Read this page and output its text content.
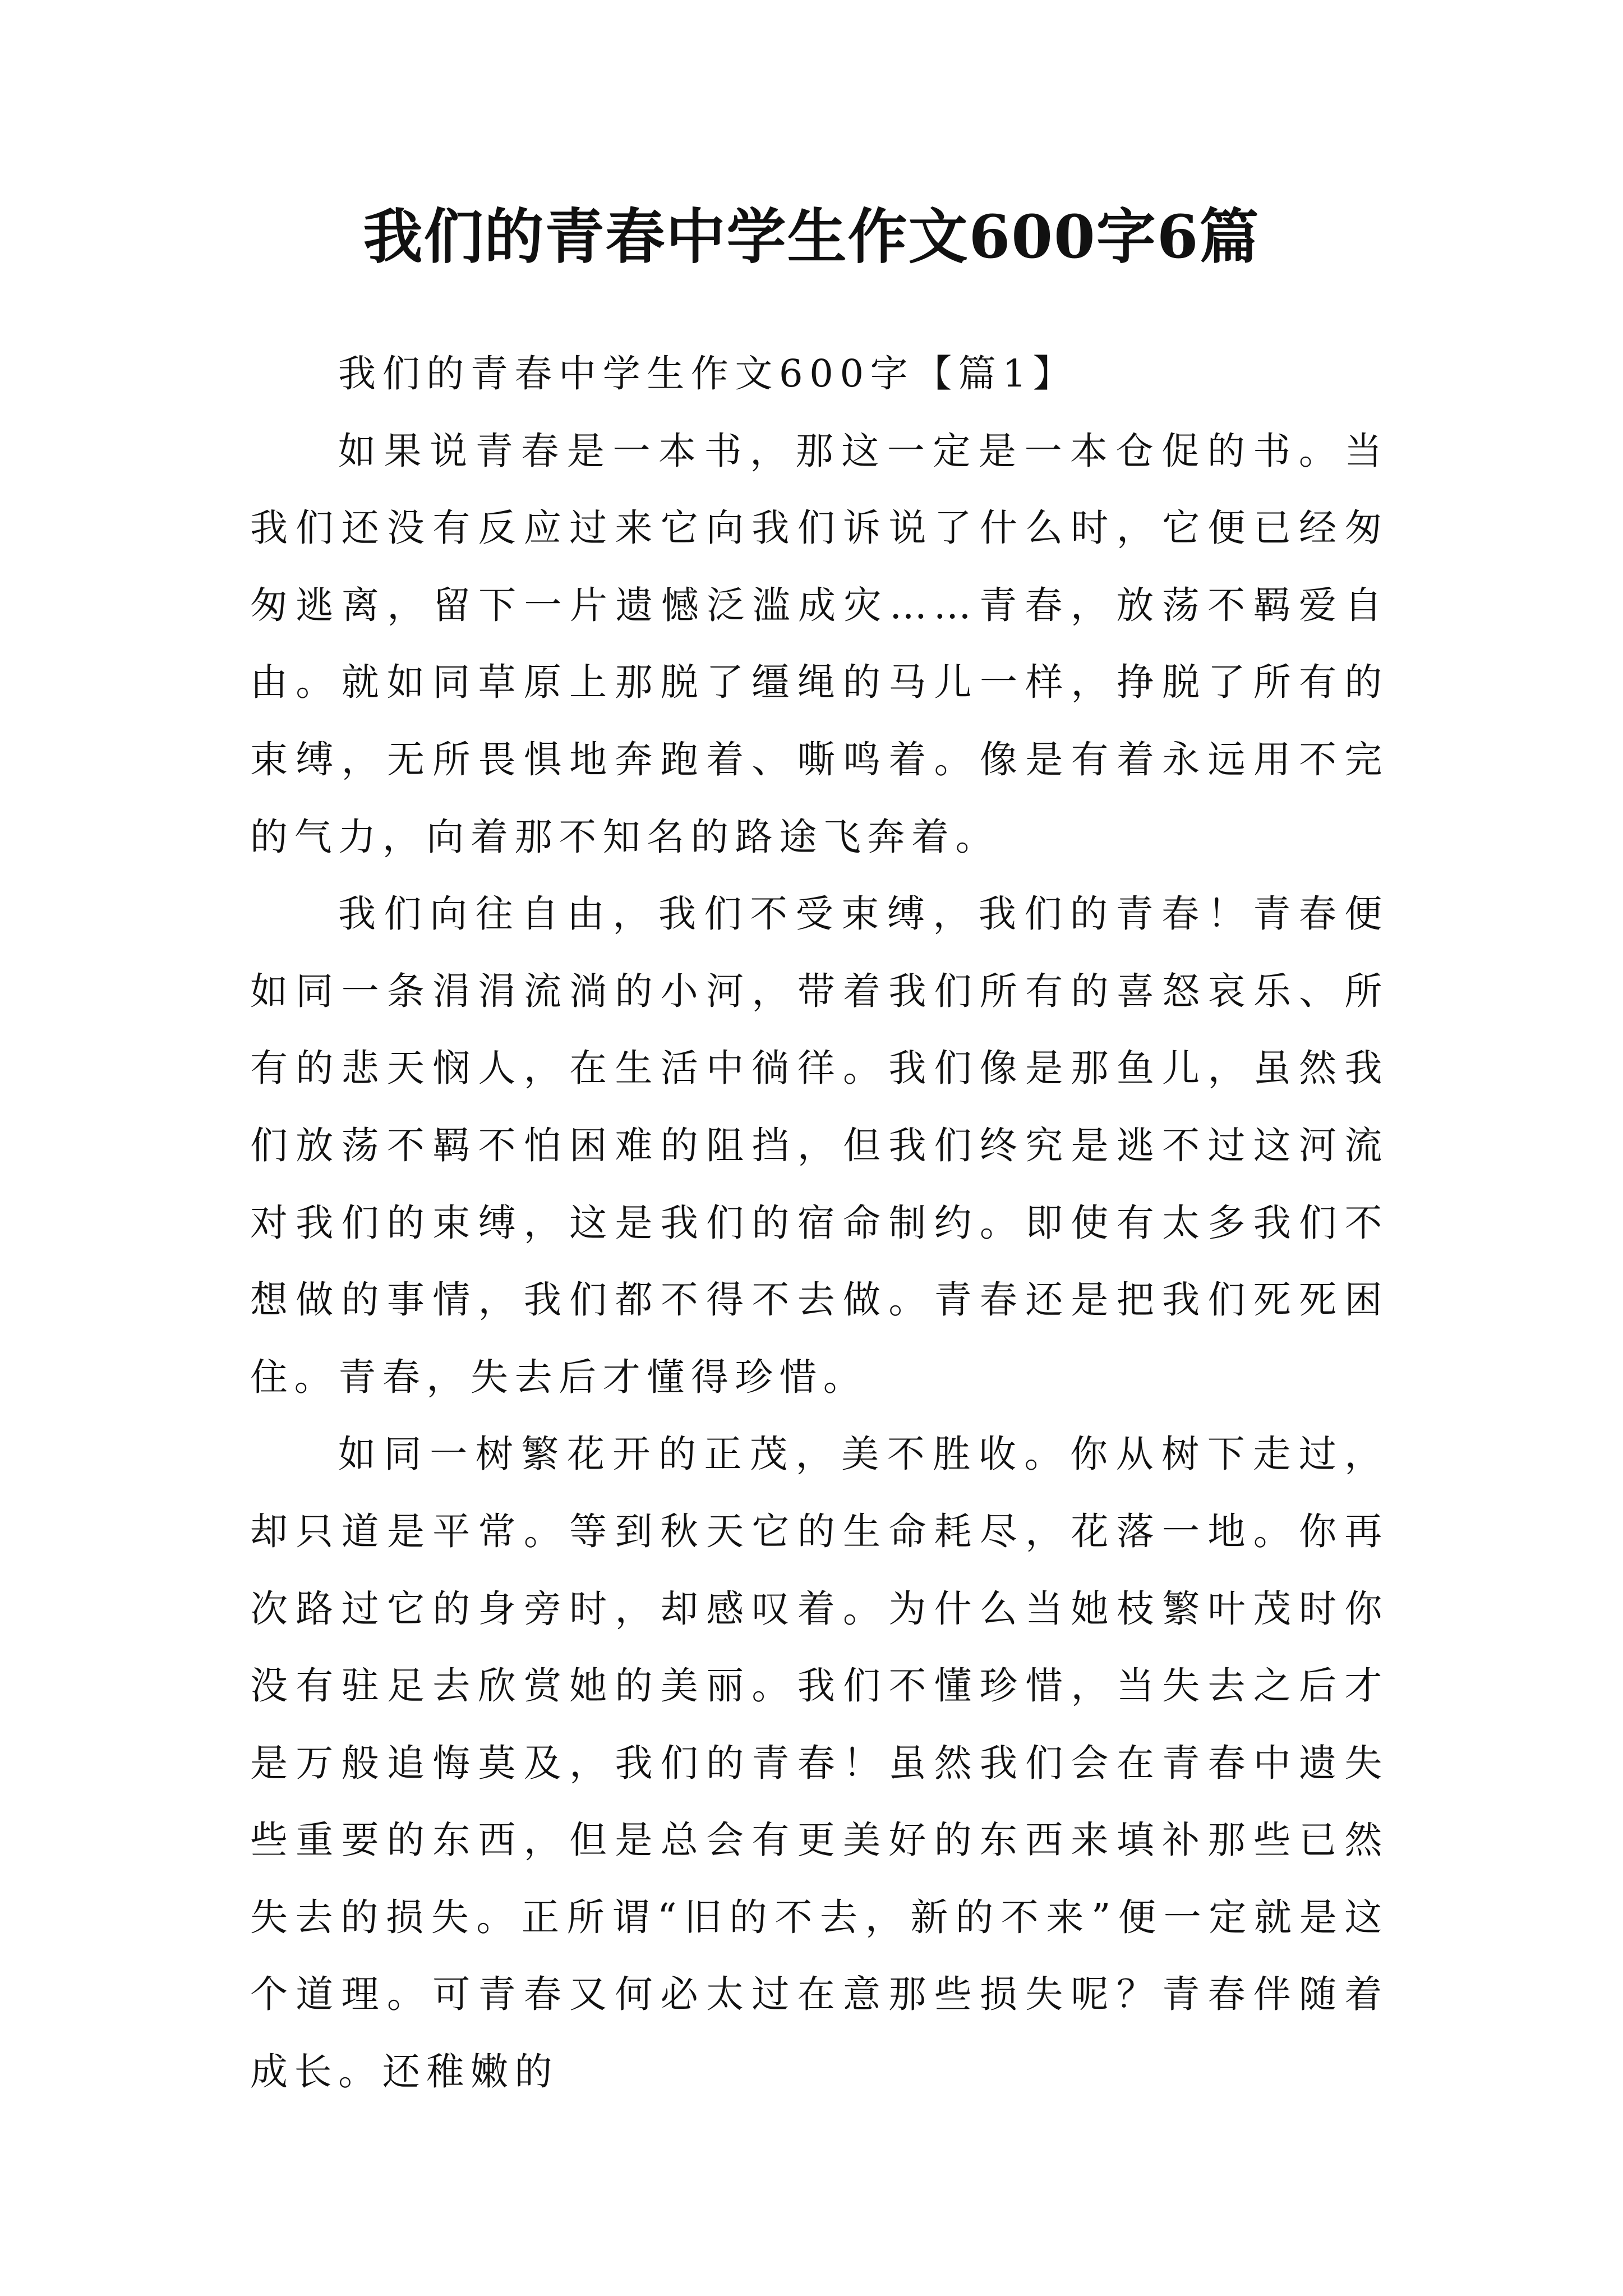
我们的青春中学生作文600字6篇

我们的青春中学生作文600字【篇1】

如果说青春是一本书，那这一定是一本仓促的书。当我们还没有反应过来它向我们诉说了什么时，它便已经匆匆逃离，留下一片遗憾泛滥成灾……青春，放荡不羁爱自由。就如同草原上那脱了缰绳的马儿一样，挣脱了所有的束缚，无所畏惧地奔跑着、嘶鸣着。像是有着永远用不完的气力，向着那不知名的路途飞奔着。

我们向往自由，我们不受束缚，我们的青春！青春便如同一条涓涓流淌的小河，带着我们所有的喜怒哀乐、所有的悲天悯人，在生活中徜徉。我们像是那鱼儿，虽然我们放荡不羁不怕困难的阻挡，但我们终究是逃不过这河流对我们的束缚，这是我们的宿命制约。即使有太多我们不想做的事情，我们都不得不去做。青春还是把我们死死困住。青春，失去后才懂得珍惜。

如同一树繁花开的正茂，美不胜收。你从树下走过，却只道是平常。等到秋天它的生命耗尽，花落一地。你再次路过它的身旁时，却感叹着。为什么当她枝繁叶茂时你没有驻足去欣赏她的美丽。我们不懂珍惜，当失去之后才是万般追悔莫及，我们的青春！虽然我们会在青春中遗失些重要的东西，但是总会有更美好的东西来填补那些已然失去的损失。正所谓“旧的不去，新的不来”便一定就是这个道理。可青春又何必太过在意那些损失呢？青春伴随着成长。还稚嫩的
